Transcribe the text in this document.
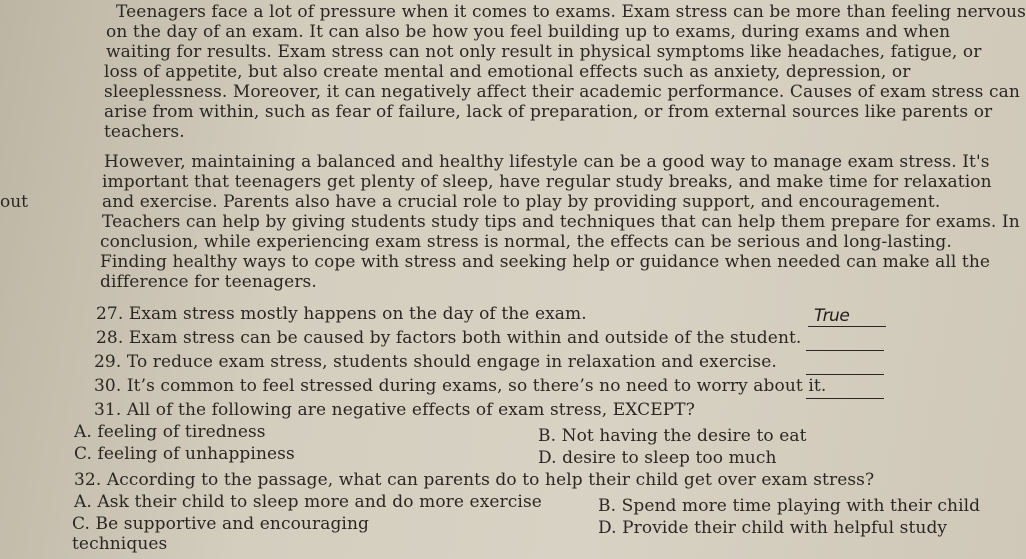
out
Teenagers face a lot of pressure when it comes to exams. Exam stress can be more than feeling nervous
on the day of an exam. It can also be how you feel building up to exams, during exams and when
waiting for results. Exam stress can not only result in physical symptoms like headaches, fatigue, or
loss of appetite, but also create mental and emotional effects such as anxiety, depression, or
sleeplessness. Moreover, it can negatively affect their academic performance. Causes of exam stress can
arise from within, such as fear of failure, lack of preparation, or from external sources like parents or
teachers.
However, maintaining a balanced and healthy lifestyle can be a good way to manage exam stress. It's
important that teenagers get plenty of sleep, have regular study breaks, and make time for relaxation
and exercise. Parents also have a crucial role to play by providing support, and encouragement.
Teachers can help by giving students study tips and techniques that can help them prepare for exams. In
conclusion, while experiencing exam stress is normal, the effects can be serious and long-lasting.
Finding healthy ways to cope with stress and seeking help or guidance when needed can make all the
difference for teenagers.
27. Exam stress mostly happens on the day of the exam.	True
28. Exam stress can be caused by factors both within and outside of the student.
29. To reduce exam stress, students should engage in relaxation and exercise.
30. It’s common to feel stressed during exams, so there’s no need to worry about it.
31. All of the following are negative effects of exam stress, EXCEPT?
A. feeling of tiredness	B. Not having the desire to eat
C. feeling of unhappiness	D. desire to sleep too much
32. According to the passage, what can parents do to help their child get over exam stress?
A. Ask their child to sleep more and do more exercise	B. Spend more time playing with their child
C. Be supportive and encouraging	D. Provide their child with helpful study
techniques
